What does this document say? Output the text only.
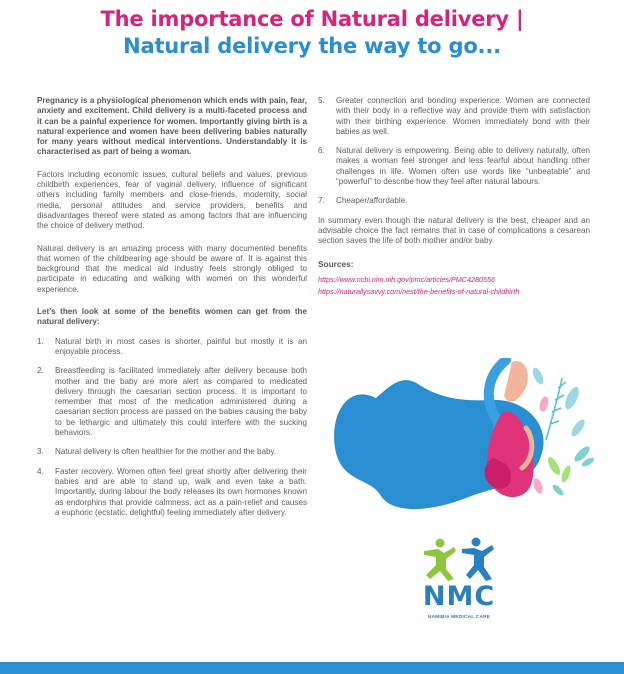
The importance of Natural delivery |
Natural delivery the way to go...

Pregnancy is a physiological phenomenon which ends with pain, fear, anxiety and excitement. Child delivery is a multi-faceted process and it can be a painful experience for women. Importantly giving birth is a natural experience and women have been delivering babies naturally for many years without medical interventions. Understandably it is characterised as part of being a woman.

Factors including economic issues, cultural beliefs and values, previous childbirth experiences, fear of vaginal delivery, influence of significant others including family members and close-friends, modernity, social media, personal attitudes and service providers, benefits and disadvantages thereof were stated as among factors that are influencing the choice of delivery method.

Natural delivery is an amazing process with many documented benefits that women of the childbearing age should be aware of. It is against this background that the medical aid industry feels strongly obliged to participate in educating and walking with women on this wonderful experience.

Let’s then look at some of the benefits women can get from the natural delivery:

1. Natural birth in most cases is shorter, painful but mostly it is an enjoyable process.
2. Breastfeeding is facilitated immediately after delivery because both mother and the baby are more alert as compared to medicated delivery through the caesarian section process. It is important to remember that most of the medication administered during a caesarian section process are passed on the babies causing the baby to be lethargic and ultimately this could interfere with the sucking behaviors.
3. Natural delivery is often healthier for the mother and the baby.
4. Faster recovery. Women often feel great shortly after delivering their babies and are able to stand up, walk and even take a bath. Importantly, during labour the body releases its own hormones known as endorphins that provide calmness, act as a pain-relief and causes a euphoric (ecstatic, delightful) feeling immediately after delivery.
5. Greater connection and bonding experience. Women are connected with their body in a reflective way and provide them with satisfaction with their birthing experience. Women immediately bond with their babies as well.
6. Natural delivery is empowering. Being able to delivery naturally, often makes a woman feel stronger and less fearful about handling other challenges in life. Women often use words like “unbeatable” and “powerful” to describe how they feel after natural labours.
7. Cheaper/affordable.

In summary even though the natural delivery is the best, cheaper and an advisable choice the fact remains that in case of complications a cesarean section saves the life of both mother and/or baby.

Sources:
https://www.ncbi.nlm.nih.gov/pmc/articles/PMC4280556
https://naturallysavvy.com/nest/the-benefits-of-natural-childbirth
NMC
NAMIBIA MEDICAL CARE
